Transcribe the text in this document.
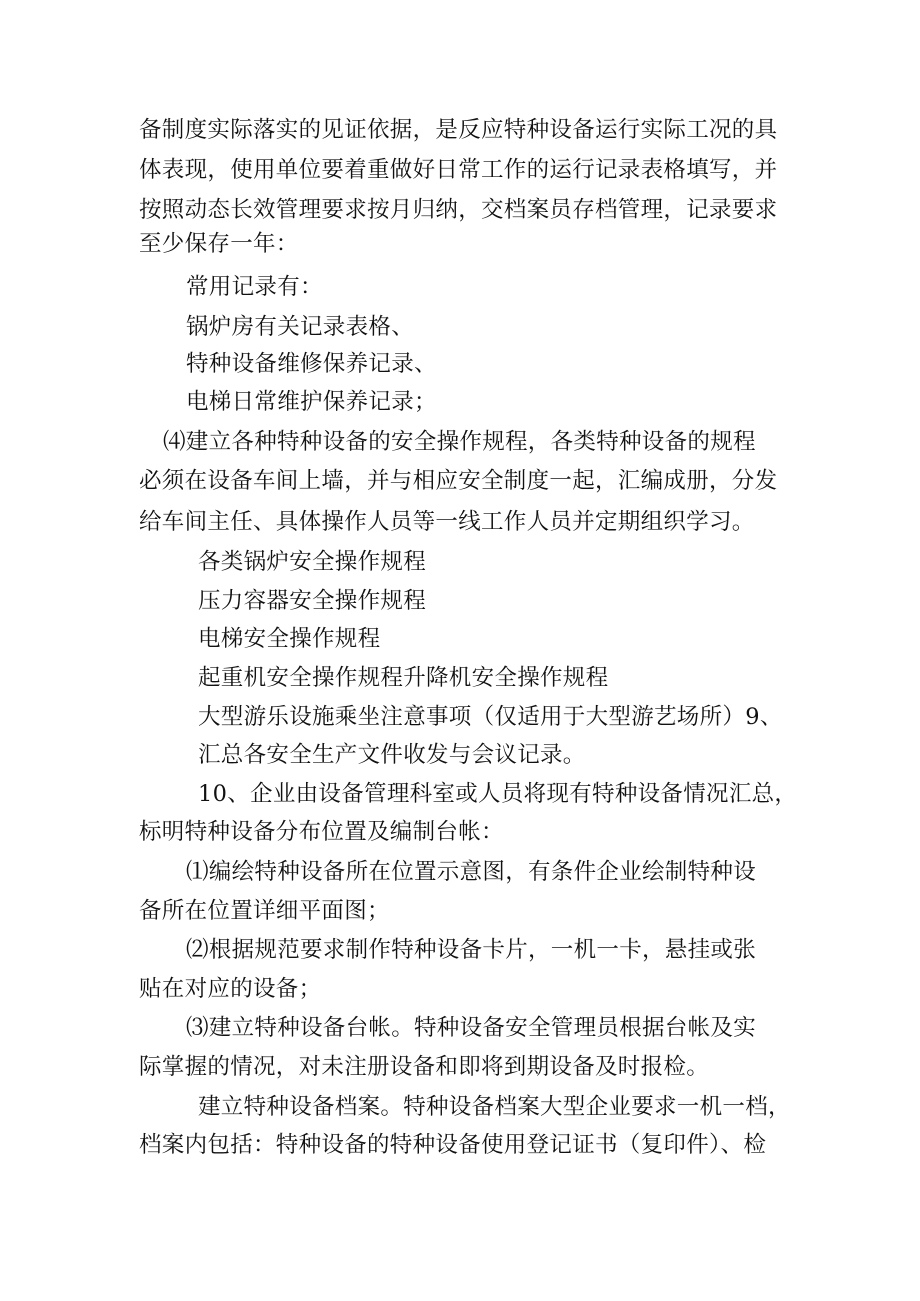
备制度实际落实的见证依据，是反应特种设备运行实际工况的具
体表现，使用单位要着重做好日常工作的运行记录表格填写，并
按照动态长效管理要求按月归纳，交档案员存档管理，记录要求
至少保存一年：
常用记录有：
锅炉房有关记录表格、
特种设备维修保养记录、
电梯日常维护保养记录；
⑷建立各种特种设备的安全操作规程，各类特种设备的规程
必须在设备车间上墙，并与相应安全制度一起，汇编成册，分发
给车间主任、具体操作人员等一线工作人员并定期组织学习。
各类锅炉安全操作规程
压力容器安全操作规程
电梯安全操作规程
起重机安全操作规程升降机安全操作规程
大型游乐设施乘坐注意事项（仅适用于大型游艺场所）9、
汇总各安全生产文件收发与会议记录。
10、企业由设备管理科室或人员将现有特种设备情况汇总，
标明特种设备分布位置及编制台帐：
⑴编绘特种设备所在位置示意图，有条件企业绘制特种设
备所在位置详细平面图；
⑵根据规范要求制作特种设备卡片，一机一卡，悬挂或张
贴在对应的设备；
⑶建立特种设备台帐。特种设备安全管理员根据台帐及实
际掌握的情况，对未注册设备和即将到期设备及时报检。
建立特种设备档案。特种设备档案大型企业要求一机一档，
档案内包括：特种设备的特种设备使用登记证书（复印件）、检
